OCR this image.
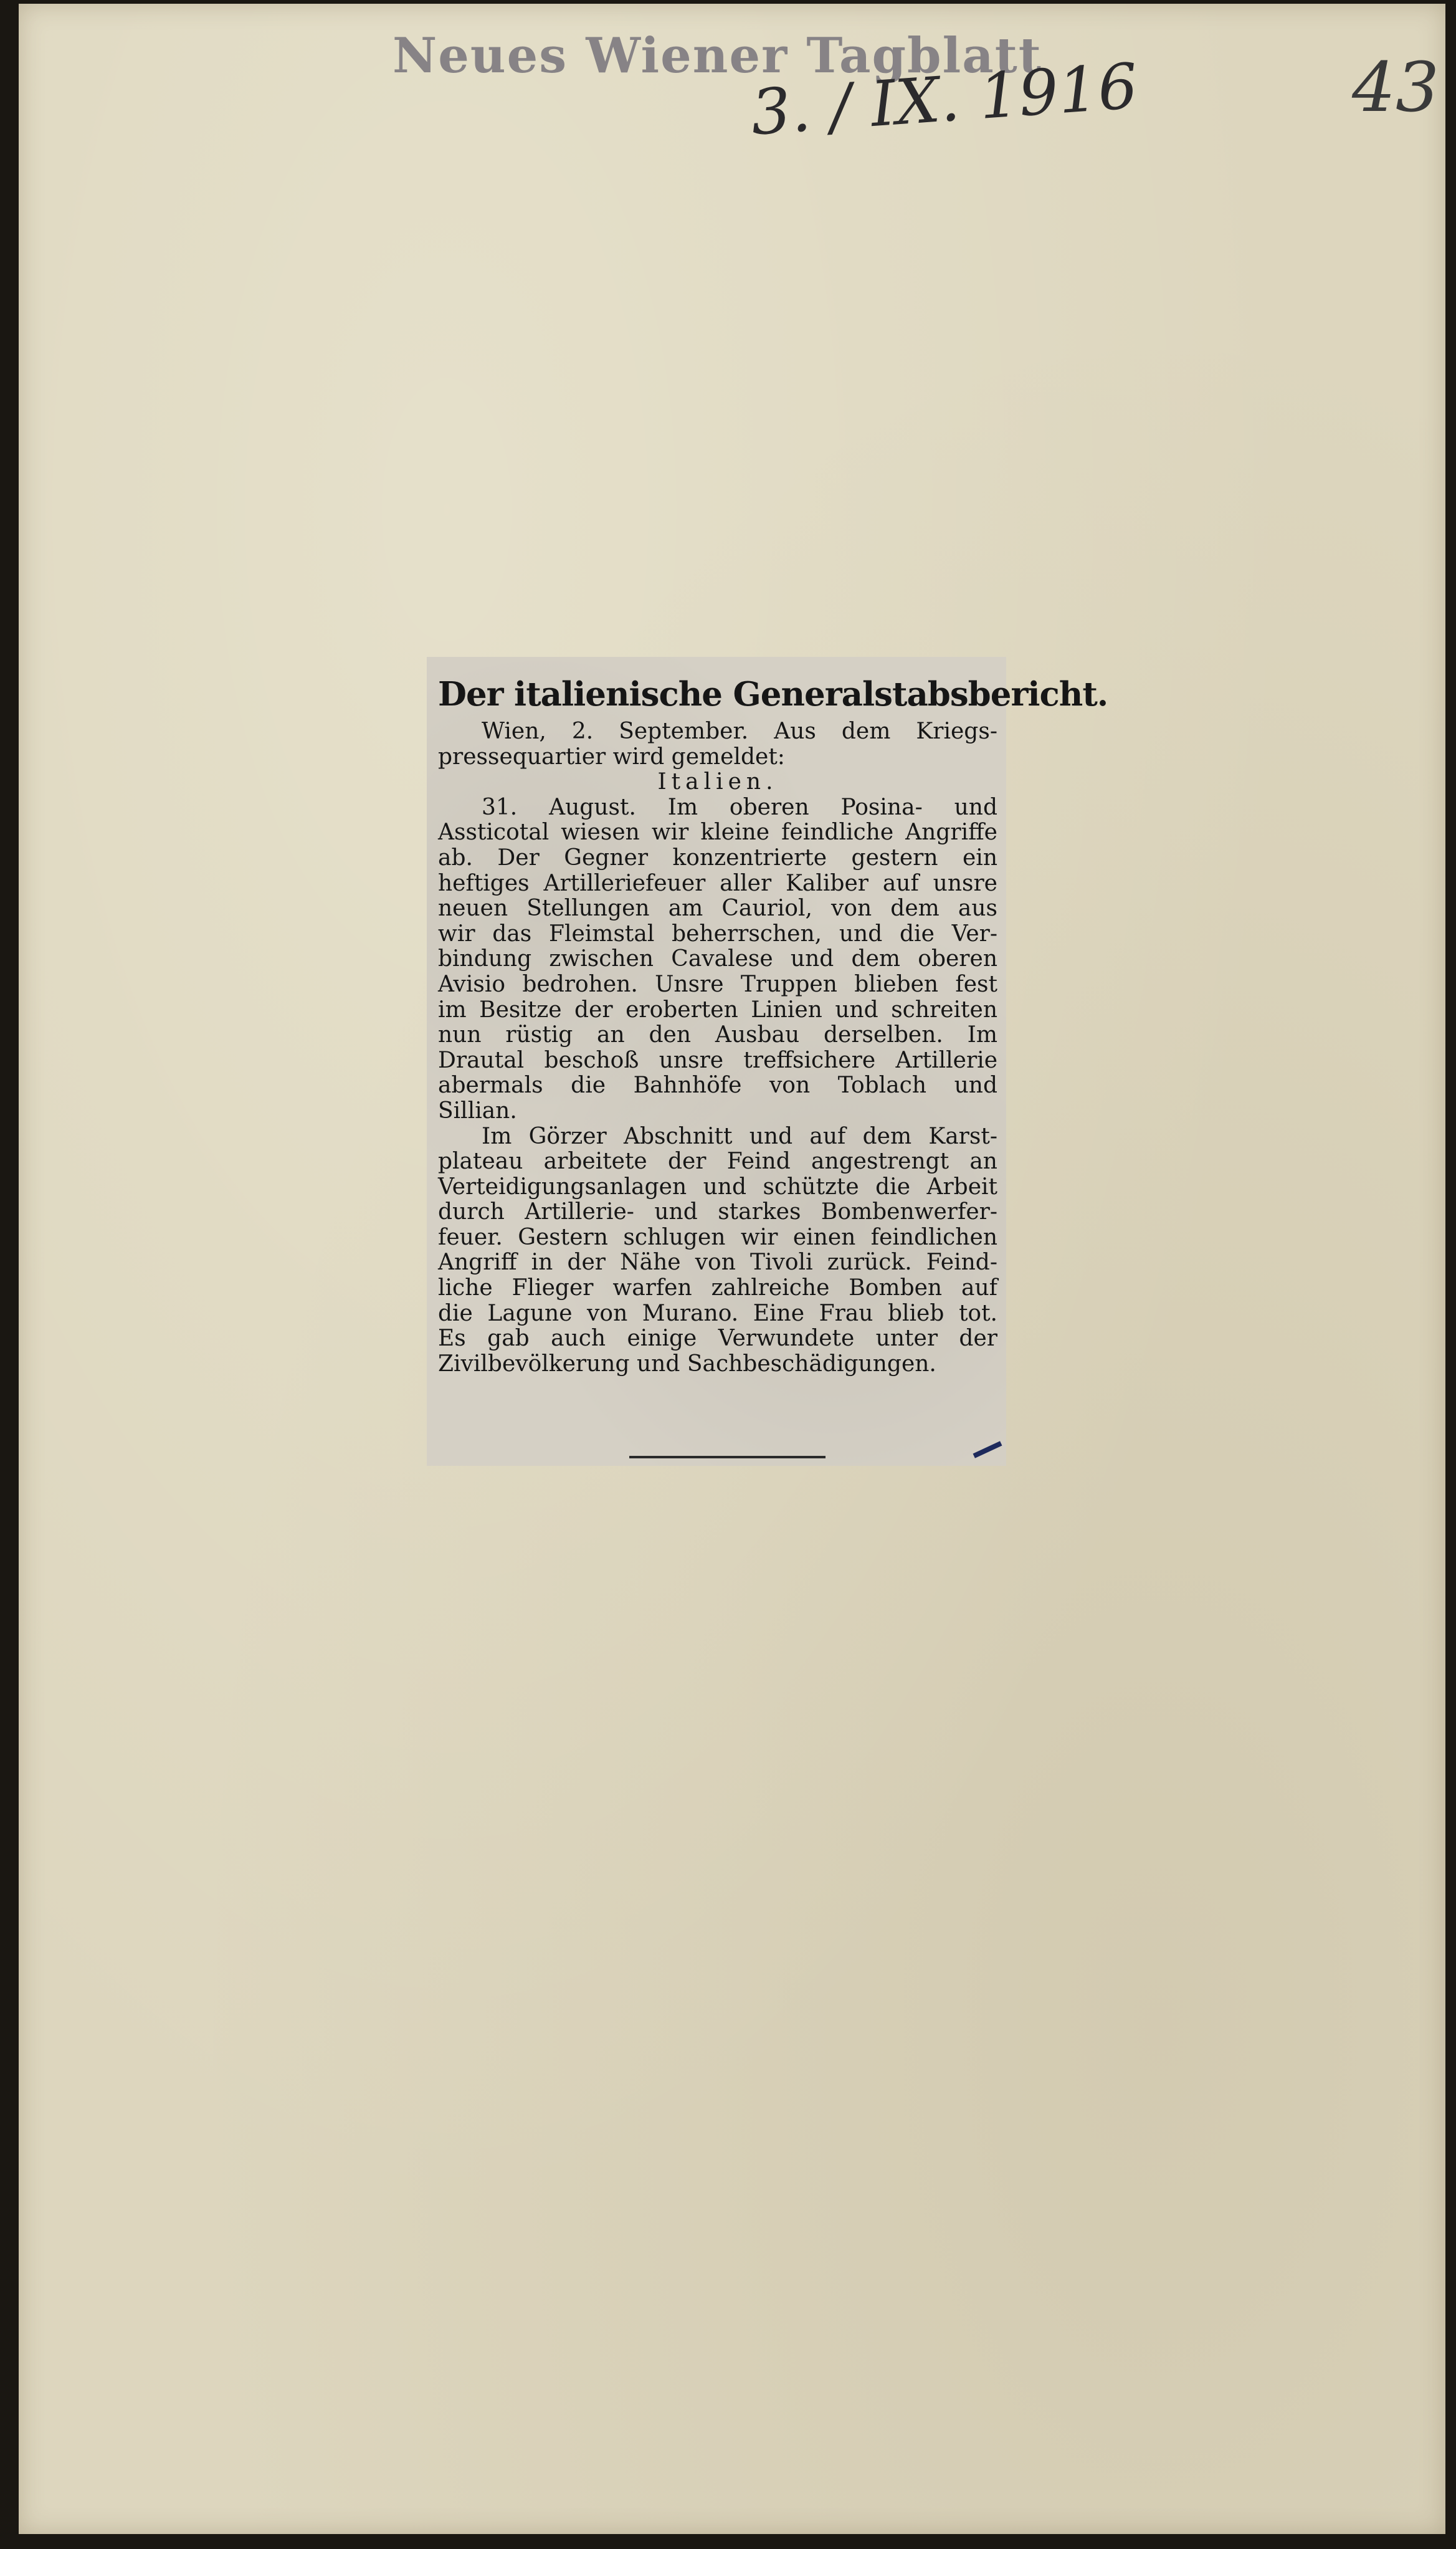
Neues Wiener Tagblatt
3. / IX. 1916	43
Der italienische Generalstabsbericht.
Wien, 2. September. Aus dem Kriegs-
pressequartier wird gemeldet:
Italien.
31. August. Im oberen Posina- und
Assticotal wiesen wir kleine feindliche Angriffe
ab. Der Gegner konzentrierte gestern ein
heftiges Artilleriefeuer aller Kaliber auf unsre
neuen Stellungen am Cauriol, von dem aus
wir das Fleimstal beherrschen, und die Ver-
bindung zwischen Cavalese und dem oberen
Avisio bedrohen. Unsre Truppen blieben fest
im Besitze der eroberten Linien und schreiten
nun rüstig an den Ausbau derselben. Im
Drautal beschoß unsre treffsichere Artillerie
abermals die Bahnhöfe von Toblach und
Sillian.
Im Görzer Abschnitt und auf dem Karst-
plateau arbeitete der Feind angestrengt an
Verteidigungsanlagen und schützte die Arbeit
durch Artillerie- und starkes Bombenwerfer-
feuer. Gestern schlugen wir einen feindlichen
Angriff in der Nähe von Tivoli zurück. Feind-
liche Flieger warfen zahlreiche Bomben auf
die Lagune von Murano. Eine Frau blieb tot.
Es gab auch einige Verwundete unter der
Zivilbevölkerung und Sachbeschädigungen.
